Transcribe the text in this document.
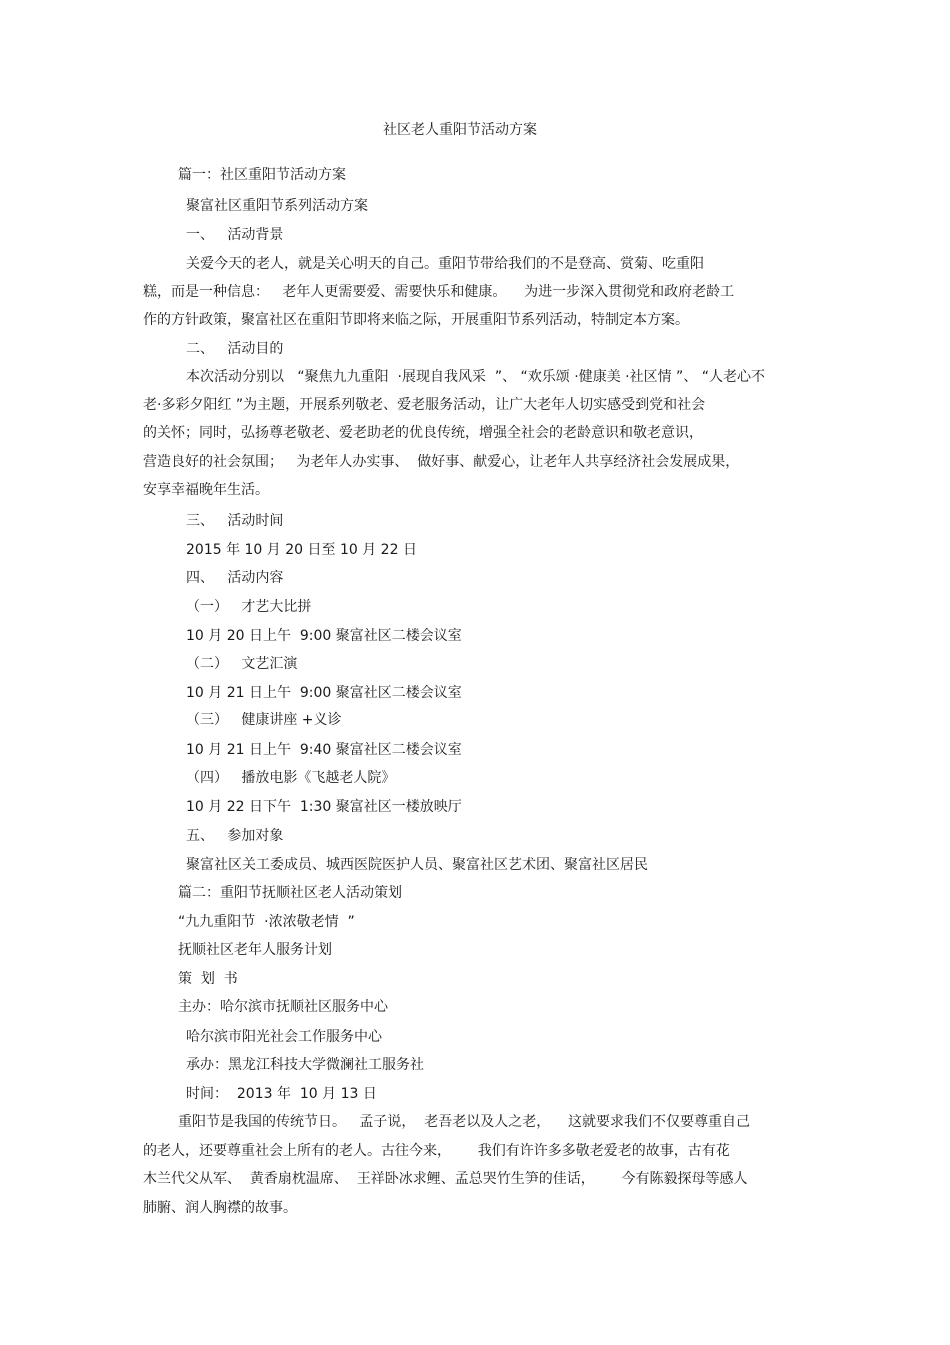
社区老人重阳节活动方案

篇一：社区重阳节活动方案

聚富社区重阳节系列活动方案

一、   活动背景

关爱今天的老人，就是关心明天的自己。重阳节带给我们的不是登高、赏菊、吃重阳

糕，而是一种信息：   老年人更需要爱、需要快乐和健康。    为进一步深入贯彻党和政府老龄工

作的方针政策，聚富社区在重阳节即将来临之际，开展重阳节系列活动，特制定本方案。

二、   活动目的

本次活动分别以   “聚焦九九重阳  ·展现自我风采  ”、 “欢乐颂 ·健康美 ·社区情 ”、 “人老心不

老·多彩夕阳红 ”为主题，开展系列敬老、爱老服务活动，让广大老年人切实感受到党和社会

的关怀；同时，弘扬尊老敬老、爱老助老的优良传统，增强全社会的老龄意识和敬老意识，

营造良好的社会氛围；   为老年人办实事、  做好事、献爱心，让老年人共享经济社会发展成果，

安享幸福晚年生活。

三、   活动时间

2015 年 10 月 20 日至 10 月 22 日

四、   活动内容

（一）   才艺大比拼

10 月 20 日上午  9:00 聚富社区二楼会议室

（二）   文艺汇演

10 月 21 日上午  9:00 聚富社区二楼会议室

（三）   健康讲座 +义诊

10 月 21 日上午  9:40 聚富社区二楼会议室

（四）   播放电影《飞越老人院》

10 月 22 日下午  1:30 聚富社区一楼放映厅

五、   参加对象

聚富社区关工委成员、城西医院医护人员、聚富社区艺术团、聚富社区居民

篇二：重阳节抚顺社区老人活动策划

“九九重阳节  ·浓浓敬老情  ”

抚顺社区老年人服务计划

策  划  书

主办：哈尔滨市抚顺社区服务中心

哈尔滨市阳光社会工作服务中心

承办：黑龙江科技大学微澜社工服务社

时间：  2013 年  10 月 13 日

重阳节是我国的传统节日。   孟子说，  老吾老以及人之老，    这就要求我们不仅要尊重自己

的老人，还要尊重社会上所有的老人。古往今来，      我们有许许多多敬老爱老的故事，古有花

木兰代父从军、  黄香扇枕温席、  王祥卧冰求鲤、孟总哭竹生笋的佳话，      今有陈毅探母等感人

肺腑、润人胸襟的故事。
